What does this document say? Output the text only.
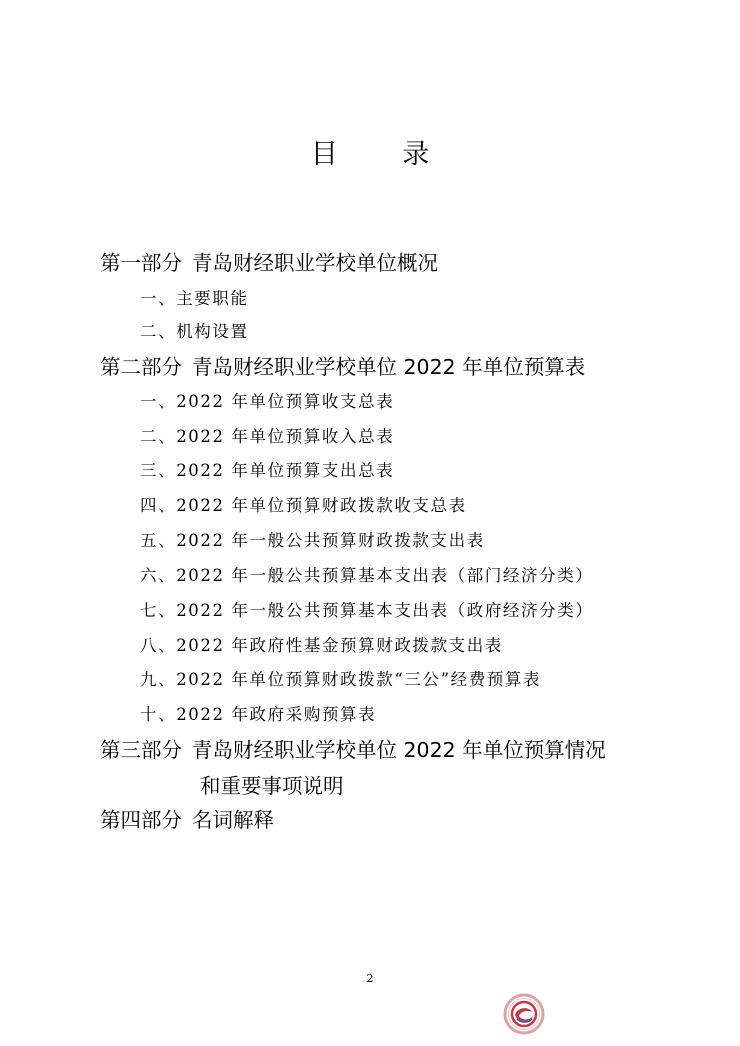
目 录
第一部分 青岛财经职业学校单位概况
一、主要职能
二、机构设置
第二部分 青岛财经职业学校单位 2022 年单位预算表
一、2022 年单位预算收支总表
二、2022 年单位预算收入总表
三、2022 年单位预算支出总表
四、2022 年单位预算财政拨款收支总表
五、2022 年一般公共预算财政拨款支出表
六、2022 年一般公共预算基本支出表（部门经济分类）
七、2022 年一般公共预算基本支出表（政府经济分类）
八、2022 年政府性基金预算财政拨款支出表
九、2022 年单位预算财政拨款“三公”经费预算表
十、2022 年政府采购预算表
第三部分 青岛财经职业学校单位 2022 年单位预算情况
和重要事项说明
第四部分 名词解释
2
